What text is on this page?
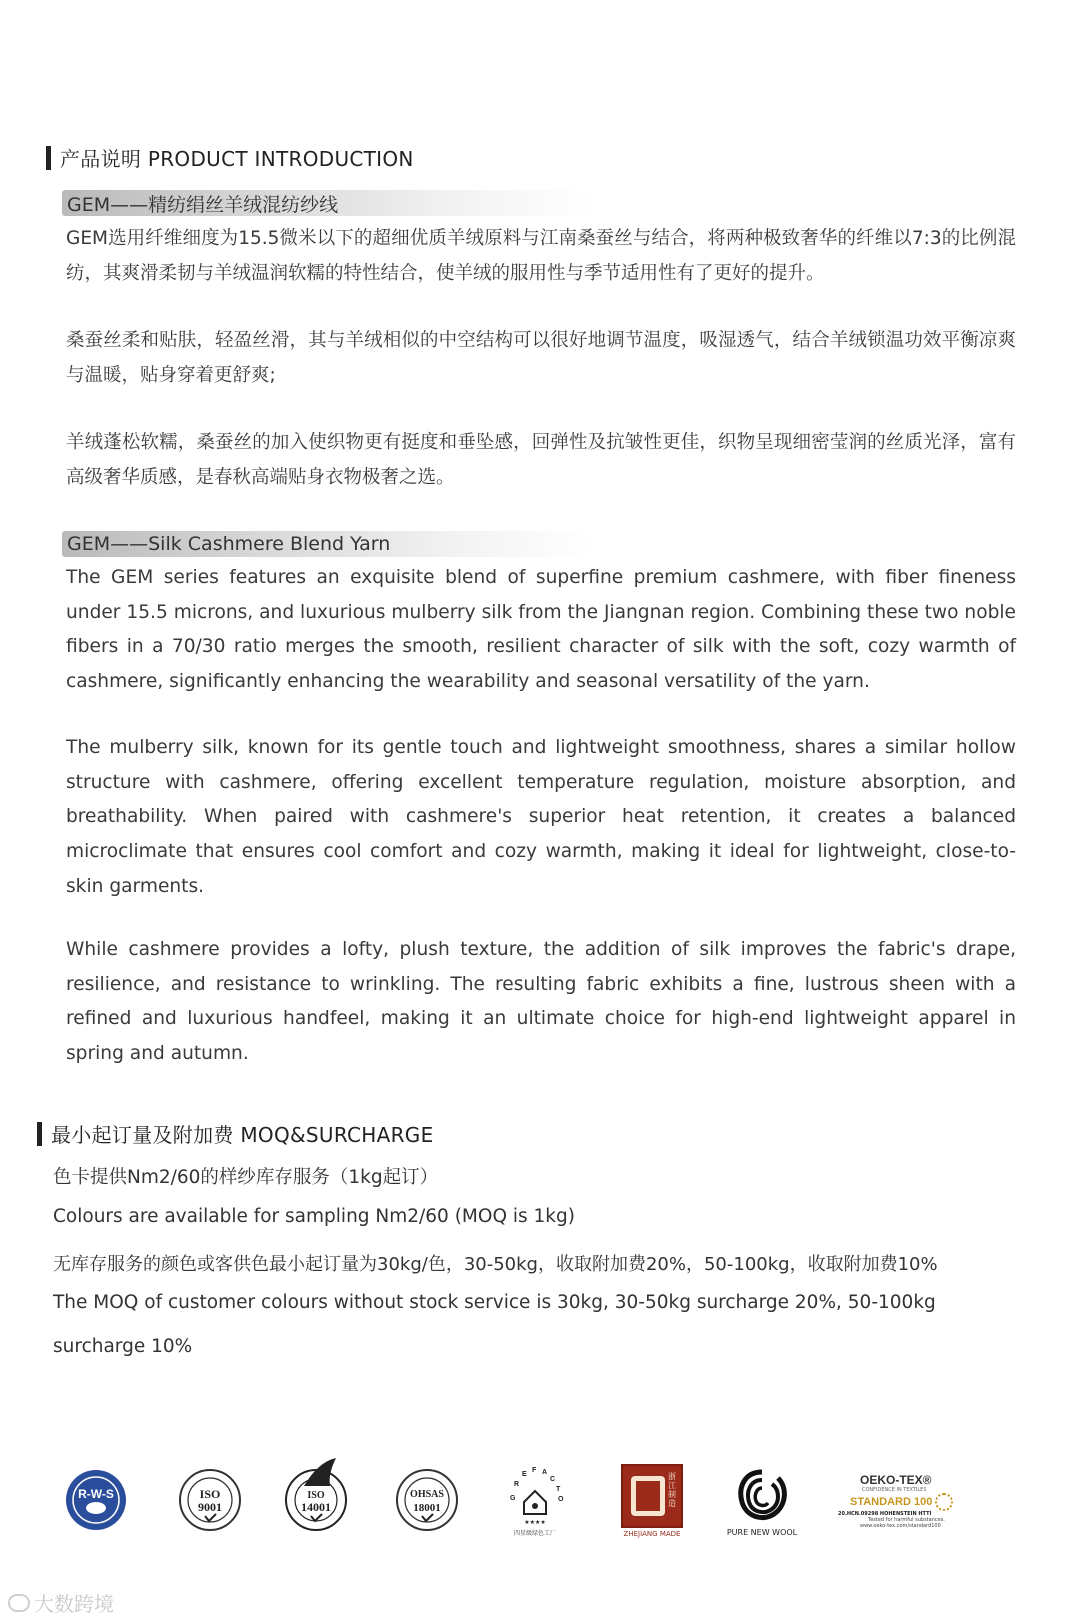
产品说明 PRODUCT INTRODUCTION
GEM——精纺绢丝羊绒混纺纱线
GEM选用纤维细度为15.5微米以下的超细优质羊绒原料与江南桑蚕丝与结合，将两种极致奢华的纤维以7:3的比例混纺，其爽滑柔韧与羊绒温润软糯的特性结合，使羊绒的服用性与季节适用性有了更好的提升。
桑蚕丝柔和贴肤，轻盈丝滑，其与羊绒相似的中空结构可以很好地调节温度，吸湿透气，结合羊绒锁温功效平衡凉爽与温暖，贴身穿着更舒爽;
羊绒蓬松软糯，桑蚕丝的加入使织物更有挺度和垂坠感，回弹性及抗皱性更佳，织物呈现细密莹润的丝质光泽，富有高级奢华质感，是春秋高端贴身衣物极奢之选。
GEM——Silk Cashmere Blend Yarn
The GEM series features an exquisite blend of superfine premium cashmere, with fiber fineness under 15.5 microns, and luxurious mulberry silk from the Jiangnan region. Combining these two noble fibers in a 70/30 ratio merges the smooth, resilient character of silk with the soft, cozy warmth of cashmere, significantly enhancing the wearability and seasonal versatility of the yarn.
The mulberry silk, known for its gentle touch and lightweight smoothness, shares a similar hollow structure with cashmere, offering excellent temperature regulation, moisture absorption, and breathability. When paired with cashmere's superior heat retention, it creates a balanced microclimate that ensures cool comfort and cozy warmth, making it ideal for lightweight, close-to-skin garments.
While cashmere provides a lofty, plush texture, the addition of silk improves the fabric's drape, resilience, and resistance to wrinkling. The resulting fabric exhibits a fine, lustrous sheen with a refined and luxurious handfeel, making it an ultimate choice for high-end lightweight apparel in spring and autumn.
最小起订量及附加费 MOQ&SURCHARGE
色卡提供Nm2/60的样纱库存服务（1kg起订）
Colours are available for sampling Nm2/60 (MOQ is 1kg)
无库存服务的颜色或客供色最小起订量为30kg/色，30-50kg，收取附加费20%，50-100kg，收取附加费10%
The MOQ of customer colours without stock service is 30kg, 30-50kg surcharge 20%, 50-100kg
surcharge 10%
R-W-S	ISO
9001
ISO
14001
OHSAS
18001
G
R
E
F A
C
T
O
★★★★
四星级绿色工厂
浙江制造
ZHEJIANG MADE	PURE NEW WOOL
OEKO-TEX®
CONFIDENCE IN TEXTILES
STANDARD 100
20.HCN.09298 HOHENSTEIN HTTI
Tested for harmful substances.
www.oeko-tex.com/standard100
大数跨境
